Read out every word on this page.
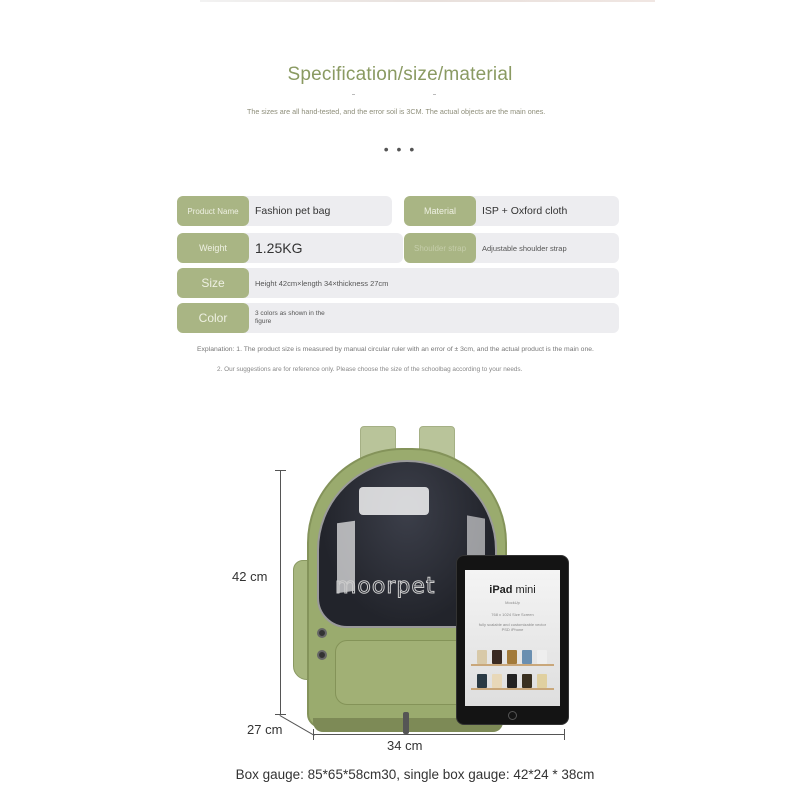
Specification/size/material
The sizes are all hand-tested, and the error soil is 3CM. The actual objects are the main ones.
• • •
Product Name	Fashion pet bag	Material	ISP + Oxford cloth
Weight	1.25KG	Shoulder strap	Adjustable shoulder strap
Size	Height 42cm×length 34×thickness 27cm
Color	3 colors as shown in the figure
Explanation: 1. The product size is measured by manual circular ruler with an error of ± 3cm, and the actual product is the main one.
2. Our suggestions are for reference only. Please choose the size of the schoolbag according to your needs.
moorpet	iPad mini
MockUp
768 x 1024 Size Screen
fully scalable and customizable vector PSD iPhone
42 cm
27 cm
34 cm
Box gauge: 85*65*58cm30, single box gauge: 42*24 * 38cm
